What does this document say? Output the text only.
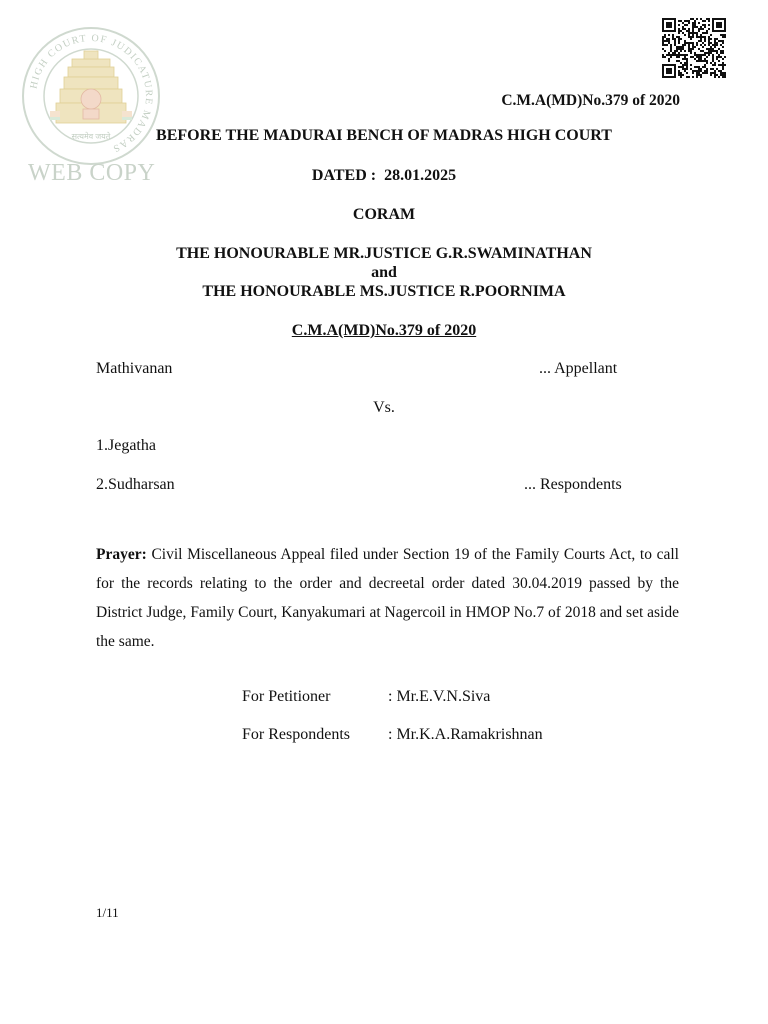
HIGH COURT OF JUDICATURE MADRAS
सत्यमेव जयते
WEB COPY
C.M.A(MD)No.379 of 2020
BEFORE THE MADURAI BENCH OF MADRAS HIGH COURT
DATED :  28.01.2025
CORAM
THE HONOURABLE MR.JUSTICE G.R.SWAMINATHAN
and
THE HONOURABLE MS.JUSTICE R.POORNIMA
C.M.A(MD)No.379 of 2020
Mathivanan	... Appellant
Vs.
1.Jegatha
2.Sudharsan	... Respondents
Prayer: Civil Miscellaneous Appeal filed under Section 19 of the Family Courts Act, to call for the records relating to the order and decreetal order dated 30.04.2019 passed by the District Judge, Family Court, Kanyakumari at Nagercoil in HMOP No.7 of 2018 and set aside the same.
For Petitioner	: Mr.E.V.N.Siva
For Respondents : Mr.K.A.Ramakrishnan
1/11
